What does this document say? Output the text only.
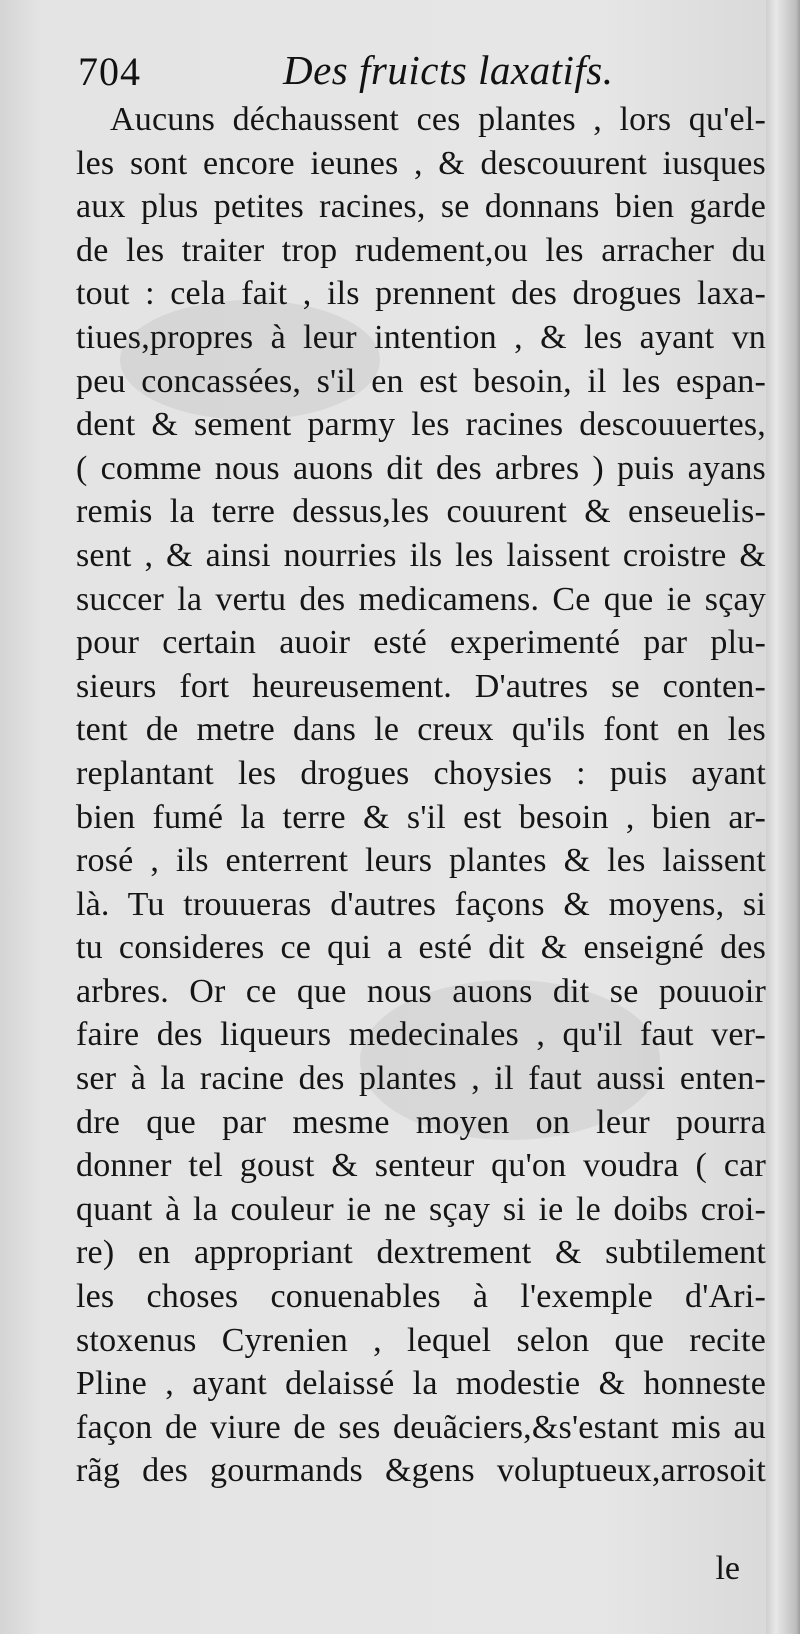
704	Des fruicts laxatifs.
Aucuns déchaussent ces plantes , lors qu'el-
les sont encore ieunes , & descouurent iusques
aux plus petites racines, se donnans bien garde
de les traiter trop rudement,ou les arracher du
tout : cela fait , ils prennent des drogues laxa-
tiues,propres à leur intention , & les ayant vn
peu concassées, s'il en est besoin, il les espan-
dent & sement parmy les racines descouuertes,
( comme nous auons dit des arbres ) puis ayans
remis la terre dessus,les couurent & enseuelis-
sent , & ainsi nourries ils les laissent croistre &
succer la vertu des medicamens. Ce que ie sçay
pour certain auoir esté experimenté par plu-
sieurs fort heureusement. D'autres se conten-
tent de metre dans le creux qu'ils font en les
replantant les drogues choysies : puis ayant
bien fumé la terre & s'il est besoin , bien ar-
rosé , ils enterrent leurs plantes & les laissent
là. Tu trouueras d'autres façons & moyens, si
tu consideres ce qui a esté dit & enseigné des
arbres. Or ce que nous auons dit se pouuoir
faire des liqueurs medecinales , qu'il faut ver-
ser à la racine des plantes , il faut aussi enten-
dre que par mesme moyen on leur pourra
donner tel goust & senteur qu'on voudra ( car
quant à la couleur ie ne sçay si ie le doibs croi-
re) en appropriant dextrement & subtilement
les choses conuenables à l'exemple d'Ari-
stoxenus Cyrenien , lequel selon que recite
Pline , ayant delaissé la modestie & honneste
façon de viure de ses deuãciers,&s'estant mis au
rãg des gourmands &gens voluptueux,arrosoit
le
